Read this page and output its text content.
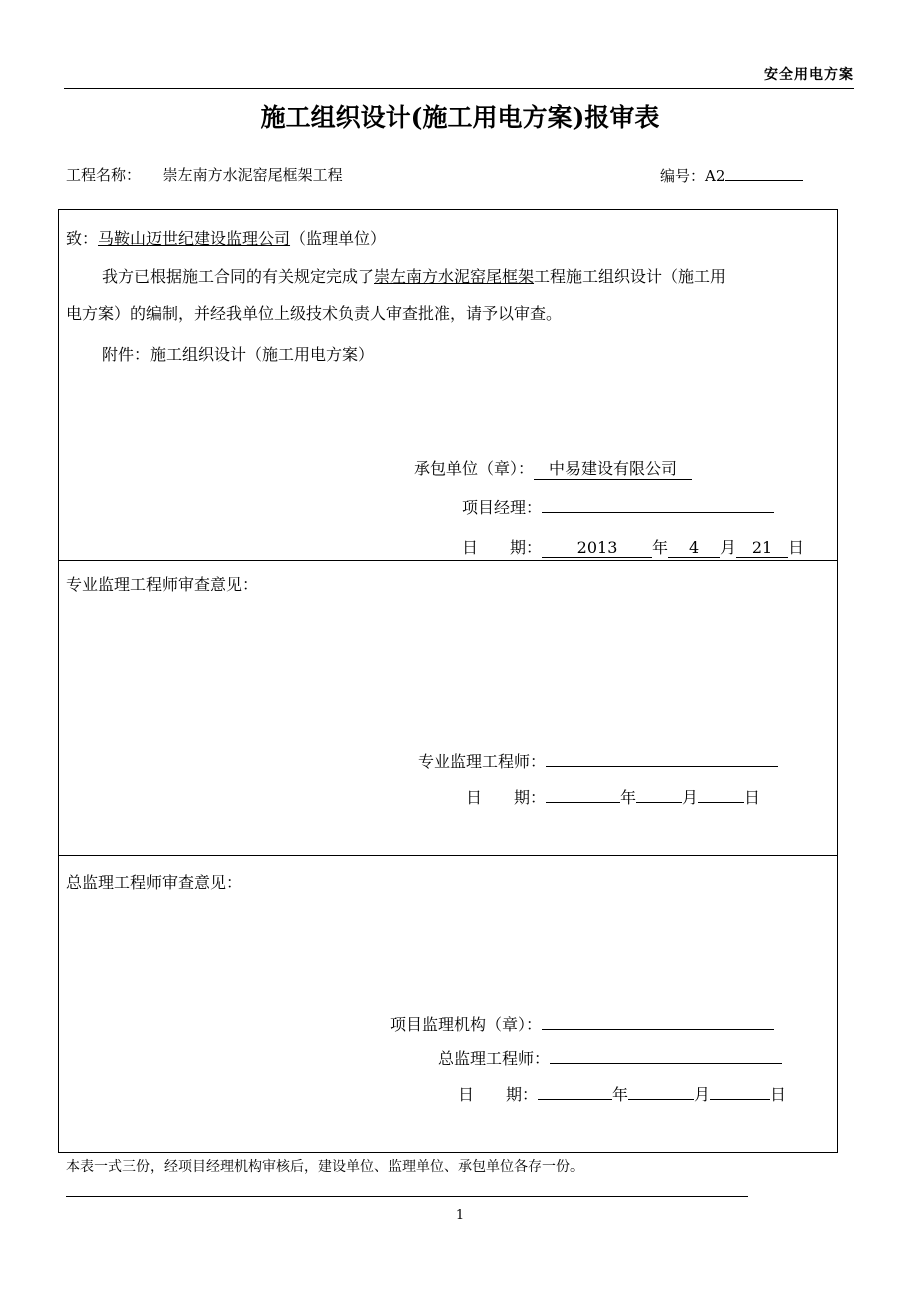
安全用电方案
施工组织设计(施工用电方案)报审表
工程名称： 崇左南方水泥窑尾框架工程	编号：A2
致：马鞍山迈世纪建设监理公司（监理单位）
我方已根据施工合同的有关规定完成了崇左南方水泥窑尾框架工程施工组织设计（施工用
电方案）的编制，并经我单位上级技术负责人审查批准，请予以审查。
附件：施工组织设计（施工用电方案）
承包单位（章）： 中易建设有限公司
项目经理：
日　　期： 2013 年 4 月 21 日
专业监理工程师审查意见：
专业监理工程师：
日　　期：	年	月	日
总监理工程师审查意见：
项目监理机构（章）：
总监理工程师：
日　　期：	年	月	日
本表一式三份，经项目经理机构审核后，建设单位、监理单位、承包单位各存一份。
1
